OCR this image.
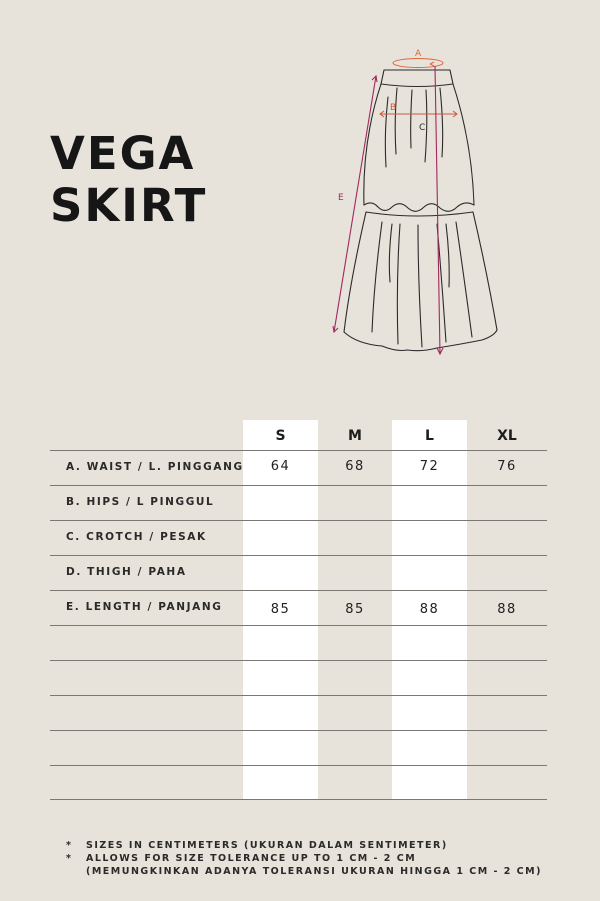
VEGA
SKIRT
A
B
C
E
S	M	L	XL
A. WAIST / L. PINGGANG	64	68	72	76
B. HIPS / L PINGGUL
C. CROTCH / PESAK
D. THIGH / PAHA
E. LENGTH / PANJANG	85	85	88	88
* SIZES IN CENTIMETERS (UKURAN DALAM SENTIMETER)
* ALLOWS FOR SIZE TOLERANCE UP TO 1 CM - 2 CM
(MEMUNGKINKAN ADANYA TOLERANSI UKURAN HINGGA 1 CM - 2 CM)
